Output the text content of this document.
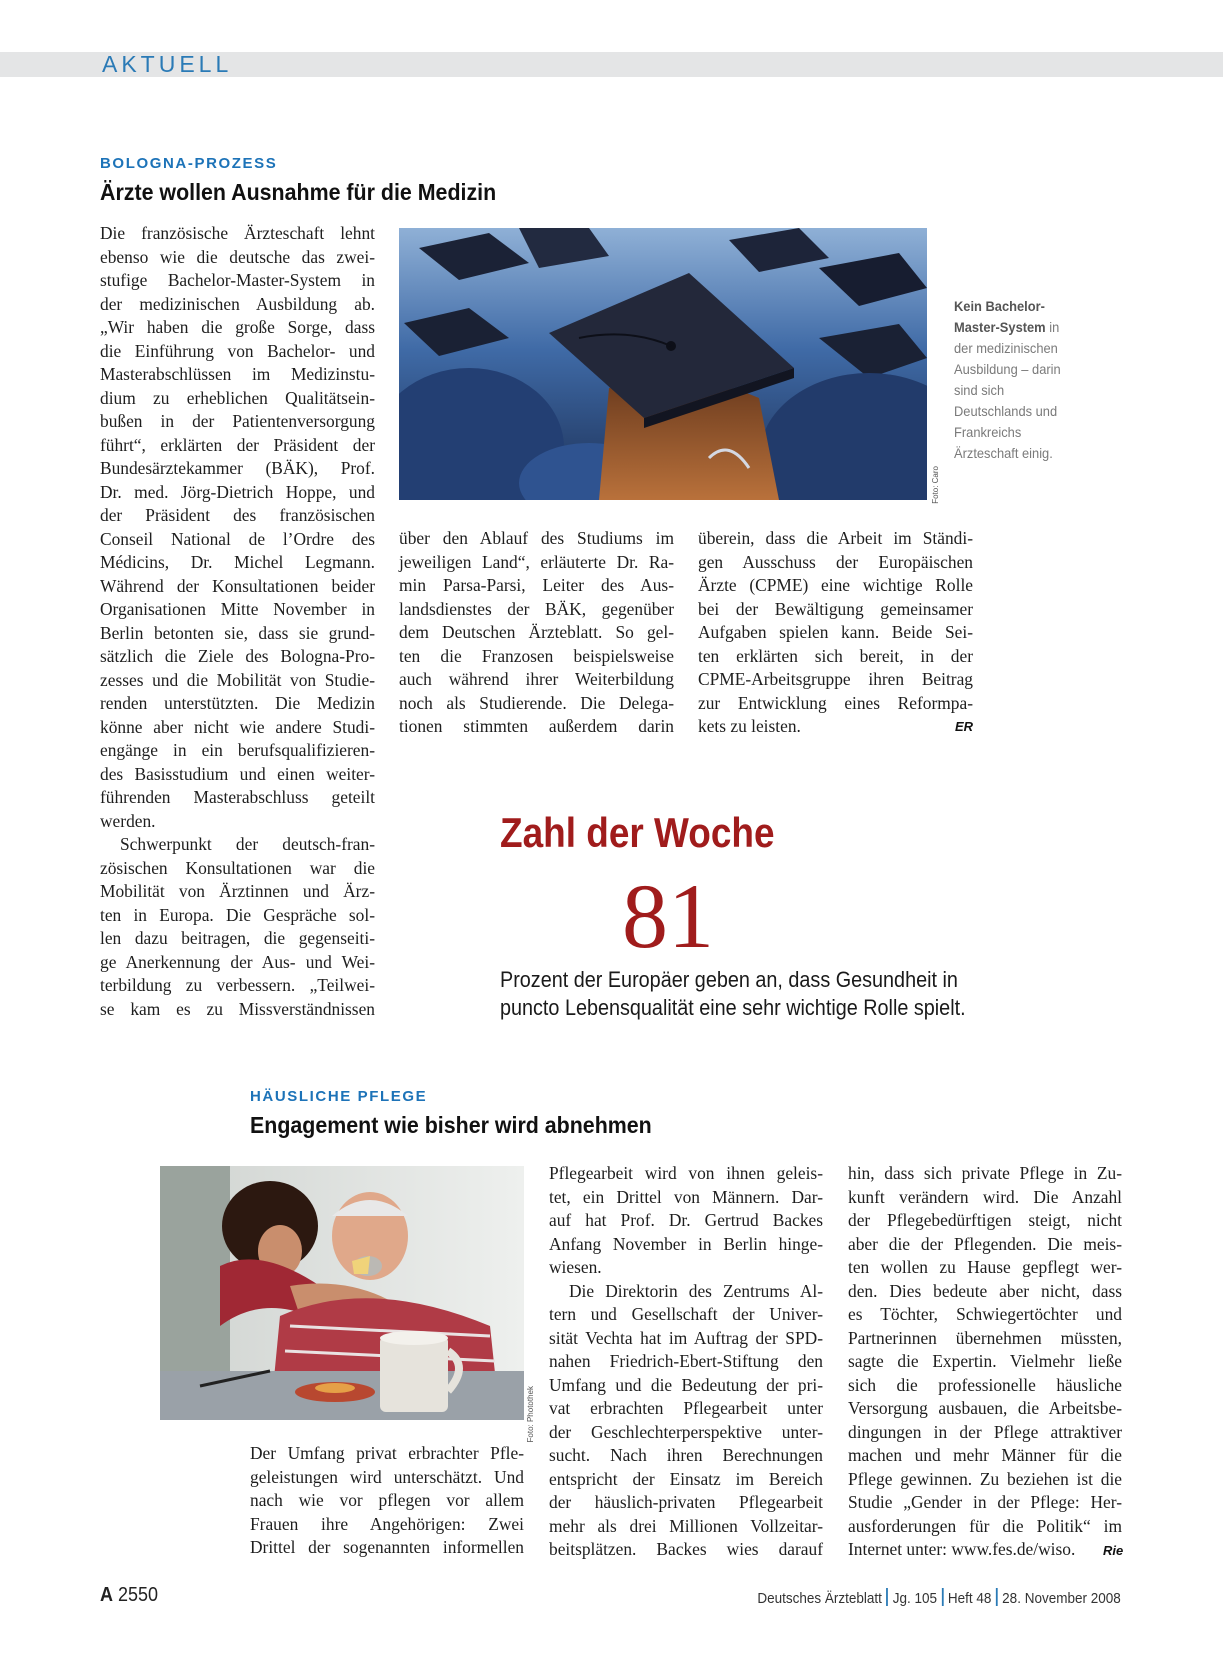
AKTUELL
BOLOGNA-PROZESS
Ärzte wollen Ausnahme für die Medizin
Die französische Ärzteschaft lehnt
ebenso wie die deutsche das zwei-
stufige Bachelor-Master-System in
der medizinischen Ausbildung ab.
„Wir haben die große Sorge, dass
die Einführung von Bachelor- und
Masterabschlüssen im Medizinstu-
dium zu erheblichen Qualitätsein-
bußen in der Patientenversorgung
führt“, erklärten der Präsident der
Bundesärztekammer (BÄK), Prof.
Dr. med. Jörg-Dietrich Hoppe, und
der Präsident des französischen
Conseil National de l’Ordre des
Médicins, Dr. Michel Legmann.
Während der Konsultationen beider
Organisationen Mitte November in
Berlin betonten sie, dass sie grund-
sätzlich die Ziele des Bologna-Pro-
zesses und die Mobilität von Studie-
renden unterstützten. Die Medizin
könne aber nicht wie andere Studi-
engänge in ein berufsqualifizieren-
des Basisstudium und einen weiter-
führenden Masterabschluss geteilt
werden.
Schwerpunkt der deutsch-fran-
zösischen Konsultationen war die
Mobilität von Ärztinnen und Ärz-
ten in Europa. Die Gespräche sol-
len dazu beitragen, die gegenseiti-
ge Anerkennung der Aus- und Wei-
terbildung zu verbessern. „Teilwei-
se kam es zu Missverständnissen
Foto: Caro
Kein Bachelor-Master-System in der medizinischen Ausbildung – darin sind sich Deutschlands und Frankreichs Ärzteschaft einig.
über den Ablauf des Studiums im
jeweiligen Land“, erläuterte Dr. Ra-
min Parsa-Parsi, Leiter des Aus-
landsdienstes der BÄK, gegenüber
dem Deutschen Ärzteblatt. So gel-
ten die Franzosen beispielsweise
auch während ihrer Weiterbildung
noch als Studierende. Die Delega-
tionen stimmten außerdem darin
überein, dass die Arbeit im Ständi-
gen Ausschuss der Europäischen
Ärzte (CPME) eine wichtige Rolle
bei der Bewältigung gemeinsamer
Aufgaben spielen kann. Beide Sei-
ten erklärten sich bereit, in der
CPME-Arbeitsgruppe ihren Beitrag
zur Entwicklung eines Reformpa-
kets zu leisten.	ER
Zahl der Woche
81
Prozent der Europäer geben an, dass Gesundheit in
puncto Lebensqualität eine sehr wichtige Rolle spielt.
HÄUSLICHE PFLEGE
Engagement wie bisher wird abnehmen
Foto: Photothek
Der Umfang privat erbrachter Pfle-
geleistungen wird unterschätzt. Und
nach wie vor pflegen vor allem
Frauen ihre Angehörigen: Zwei
Drittel der sogenannten informellen
Pflegearbeit wird von ihnen geleis-
tet, ein Drittel von Männern. Dar-
auf hat Prof. Dr. Gertrud Backes
Anfang November in Berlin hinge-
wiesen.
Die Direktorin des Zentrums Al-
tern und Gesellschaft der Univer-
sität Vechta hat im Auftrag der SPD-
nahen Friedrich-Ebert-Stiftung den
Umfang und die Bedeutung der pri-
vat erbrachten Pflegearbeit unter
der Geschlechterperspektive unter-
sucht. Nach ihren Berechnungen
entspricht der Einsatz im Bereich
der häuslich-privaten Pflegearbeit
mehr als drei Millionen Vollzeitar-
beitsplätzen. Backes wies darauf
hin, dass sich private Pflege in Zu-
kunft verändern wird. Die Anzahl
der Pflegebedürftigen steigt, nicht
aber die der Pflegenden. Die meis-
ten wollen zu Hause gepflegt wer-
den. Dies bedeute aber nicht, dass
es Töchter, Schwiegertöchter und
Partnerinnen übernehmen müssten,
sagte die Expertin. Vielmehr ließe
sich die professionelle häusliche
Versorgung ausbauen, die Arbeitsbe-
dingungen in der Pflege attraktiver
machen und mehr Männer für die
Pflege gewinnen. Zu beziehen ist die
Studie „Gender in der Pflege: Her-
ausforderungen für die Politik“ im
Internet unter: www.fes.de/wiso.	Rie
A 2550	Deutsches Ärzteblatt Jg. 105 Heft 48 28. November 2008
